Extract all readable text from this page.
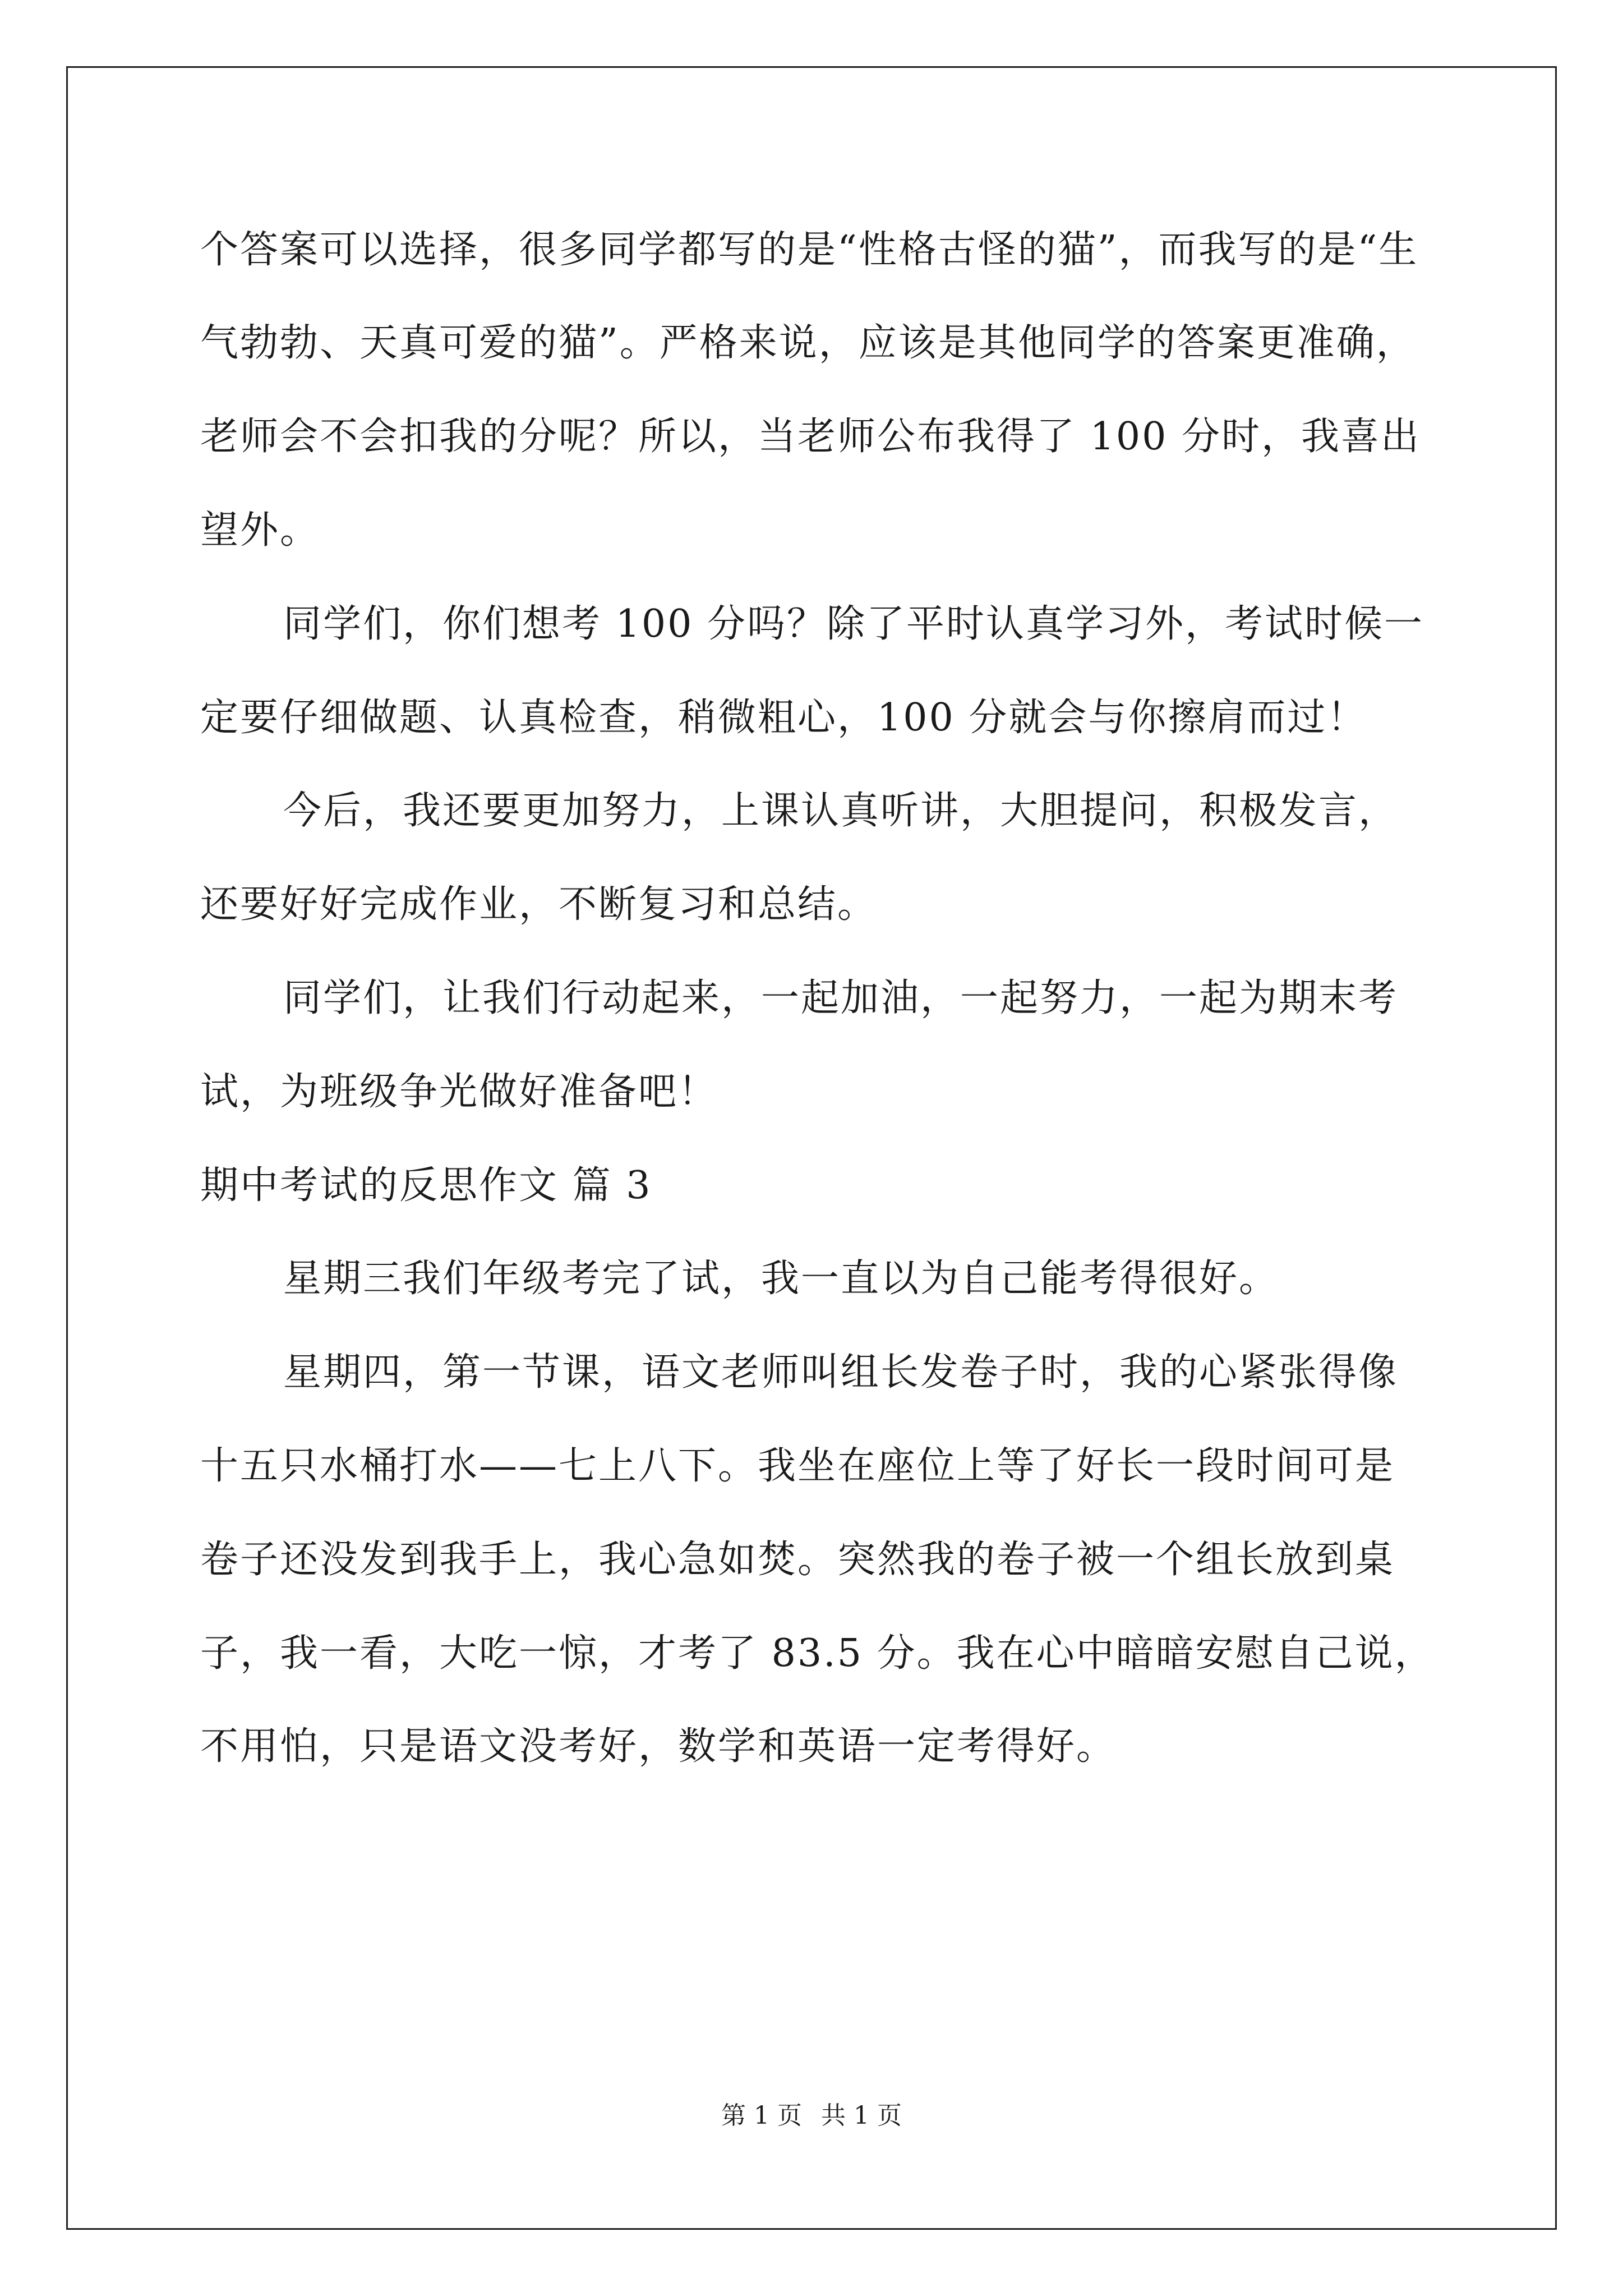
个答案可以选择，很多同学都写的是“性格古怪的猫”，而我写的是“生
气勃勃、天真可爱的猫”。严格来说，应该是其他同学的答案更准确，
老师会不会扣我的分呢？所以，当老师公布我得了 100 分时，我喜出
望外。
同学们，你们想考 100 分吗？除了平时认真学习外，考试时候一
定要仔细做题、认真检查，稍微粗心，100 分就会与你擦肩而过！
今后，我还要更加努力，上课认真听讲，大胆提问，积极发言，
还要好好完成作业，不断复习和总结。
同学们，让我们行动起来，一起加油，一起努力，一起为期末考
试，为班级争光做好准备吧！
期中考试的反思作文 篇 3
星期三我们年级考完了试，我一直以为自己能考得很好。
星期四，第一节课，语文老师叫组长发卷子时，我的心紧张得像
十五只水桶打水——七上八下。我坐在座位上等了好长一段时间可是
卷子还没发到我手上，我心急如焚。突然我的卷子被一个组长放到桌
子，我一看，大吃一惊，才考了 83.5 分。我在心中暗暗安慰自己说，
不用怕，只是语文没考好，数学和英语一定考得好。
第 1 页 共 1 页
